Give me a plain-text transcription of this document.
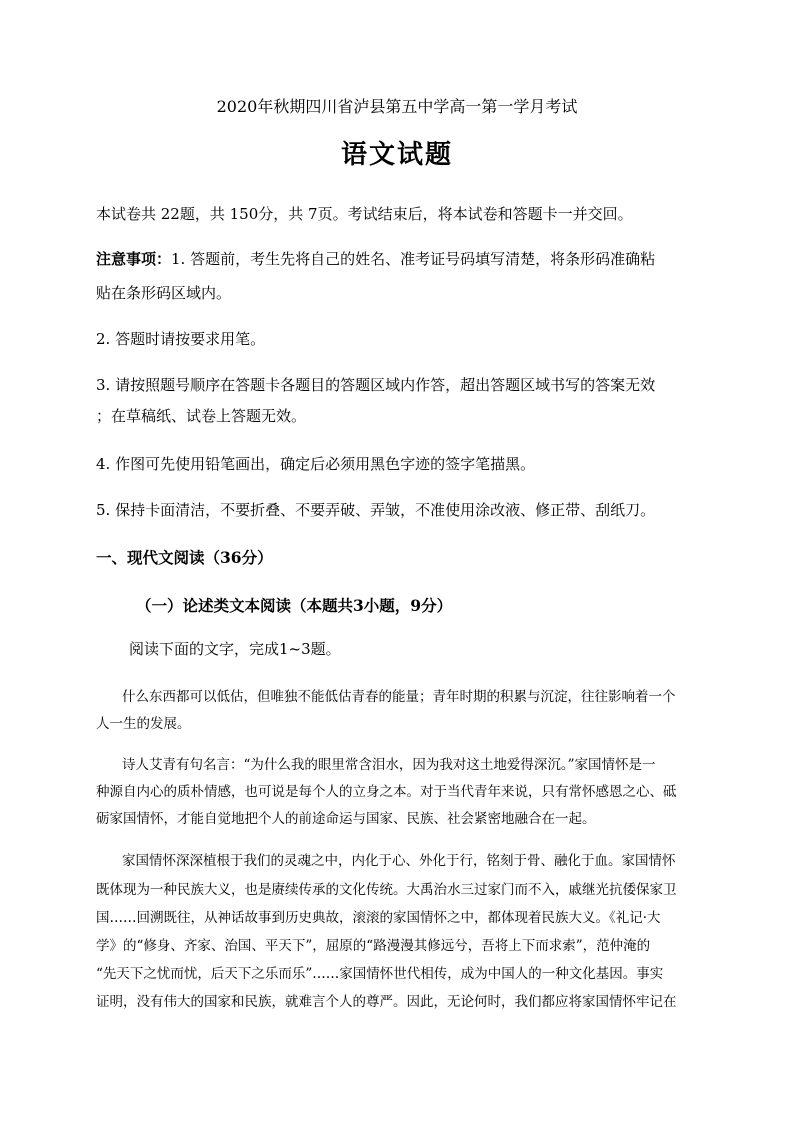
2020年秋期四川省泸县第五中学高一第一学月考试
语文试题
本试卷共 22题，共 150分，共 7页。考试结束后，将本试卷和答题卡一并交回。
注意事项：1. 答题前，考生先将自己的姓名、准考证号码填写清楚，将条形码准确粘
贴在条形码区域内。
2. 答题时请按要求用笔。
3. 请按照题号顺序在答题卡各题目的答题区域内作答，超出答题区域书写的答案无效
；在草稿纸、试卷上答题无效。
4. 作图可先使用铅笔画出，确定后必须用黑色字迹的签字笔描黑。
5. 保持卡面清洁，不要折叠、不要弄破、弄皱，不准使用涂改液、修正带、刮纸刀。
一、现代文阅读（36分）
（一）论述类文本阅读（本题共3小题，9分）
阅读下面的文字，完成1~3题。
什么东西都可以低估，但唯独不能低估青春的能量；青年时期的积累与沉淀，往往影响着一个
人一生的发展。
诗人艾青有句名言：“为什么我的眼里常含泪水，因为我对这土地爱得深沉。”家国情怀是一
种源自内心的质朴情感，也可说是每个人的立身之本。对于当代青年来说，只有常怀感恩之心、砥
砺家国情怀，才能自觉地把个人的前途命运与国家、民族、社会紧密地融合在一起。
家国情怀深深植根于我们的灵魂之中，内化于心、外化于行，铭刻于骨、融化于血。家国情怀
既体现为一种民族大义，也是赓续传承的文化传统。大禹治水三过家门而不入，戚继光抗倭保家卫
国……回溯既往，从神话故事到历史典故，滚滚的家国情怀之中，都体现着民族大义。《礼记·大
学》的“修身、齐家、治国、平天下”，屈原的“路漫漫其修远兮，吾将上下而求索”，范仲淹的
“先天下之忧而忧，后天下之乐而乐”……家国情怀世代相传，成为中国人的一种文化基因。事实
证明，没有伟大的国家和民族，就难言个人的尊严。因此，无论何时，我们都应将家国情怀牢记在
